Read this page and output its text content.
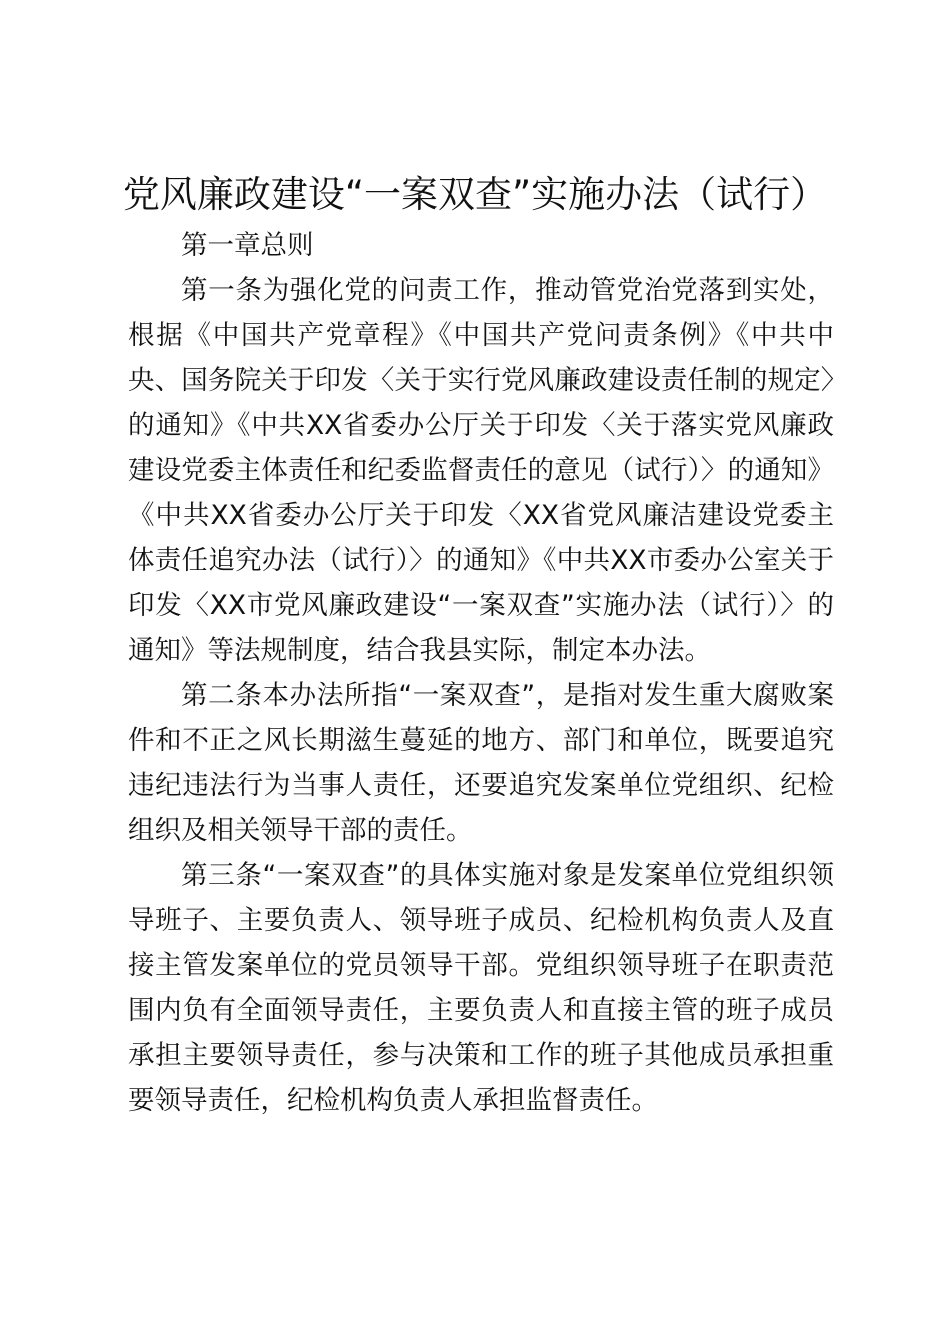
党风廉政建设“一案双查”实施办法（试行）

第一章总则

第一条为强化党的问责工作，推动管党治党落到实处，根据《中国共产党章程》《中国共产党问责条例》《中共中央、国务院关于印发〈关于实行党风廉政建设责任制的规定〉的通知》《中共XX省委办公厅关于印发〈关于落实党风廉政建设党委主体责任和纪委监督责任的意见（试行）〉的通知》《中共XX省委办公厅关于印发〈XX省党风廉洁建设党委主体责任追究办法（试行）〉的通知》《中共XX市委办公室关于印发〈XX市党风廉政建设“一案双查”实施办法（试行）〉的通知》等法规制度，结合我县实际，制定本办法。

第二条本办法所指“一案双查”，是指对发生重大腐败案件和不正之风长期滋生蔓延的地方、部门和单位，既要追究违纪违法行为当事人责任，还要追究发案单位党组织、纪检组织及相关领导干部的责任。

第三条“一案双查”的具体实施对象是发案单位党组织领导班子、主要负责人、领导班子成员、纪检机构负责人及直接主管发案单位的党员领导干部。党组织领导班子在职责范围内负有全面领导责任，主要负责人和直接主管的班子成员承担主要领导责任，参与决策和工作的班子其他成员承担重要领导责任，纪检机构负责人承担监督责任。
